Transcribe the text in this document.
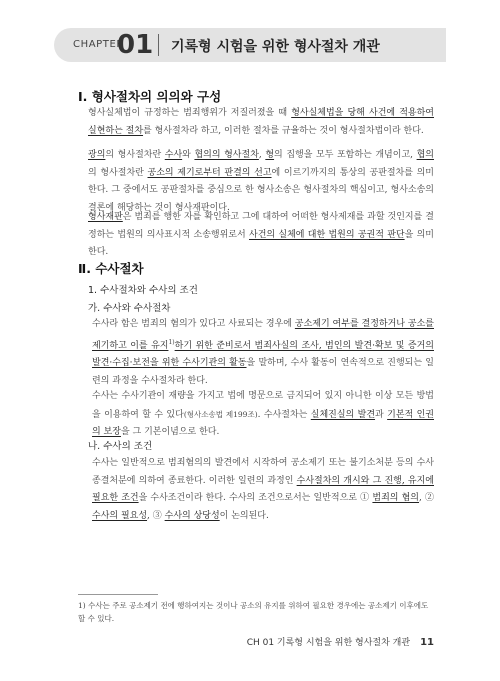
CHAPTER
01 기록형 시험을 위한 형사절차 개관
Ⅰ. 형사절차의 의의와 구성
형사실체법이 규정하는 범죄행위가 저질러졌을 때 형사실체법을 당해 사건에 적용하여 실현하는 절차를 형사절차라 하고, 이러한 절차를 규율하는 것이 형사절차법이라 한다.
광의의 형사절차란 수사와 협의의 형사절차, 형의 집행을 모두 포함하는 개념이고, 협의의 형사절차란 공소의 제기로부터 판결의 선고에 이르기까지의 통상의 공판절차를 의미한다. 그 중에서도 공판절차를 중심으로 한 형사소송은 형사절차의 핵심이고, 형사소송의 결론에 해당하는 것이 형사재판이다.
형사재판은 범죄를 행한 자를 확인하고 그에 대하여 어떠한 형사제재를 과할 것인지를 결정하는 법원의 의사표시적 소송행위로서 사건의 실체에 대한 법원의 공권적 판단을 의미한다.
Ⅱ. 수사절차
1. 수사절차와 수사의 조건
가. 수사와 수사절차
수사라 함은 범죄의 혐의가 있다고 사료되는 경우에 공소제기 여부를 결정하거나 공소를 제기하고 이를 유지$^{1)}$하기 위한 준비로서 범죄사실의 조사, 범인의 발견·확보 및 증거의 발견·수집·보전을 위한 수사기관의 활동을 말하며, 수사 활동이 연속적으로 진행되는 일련의 과정을 수사절차라 한다.
수사는 수사기관이 재량을 가지고 법에 명문으로 금지되어 있지 아니한 이상 모든 방법을 이용하여 할 수 있다(형사소송법 제199조). 수사절차는 실체진실의 발견과 기본적 인권의 보장을 그 기본이념으로 한다.
나. 수사의 조건
수사는 일반적으로 범죄혐의의 발견에서 시작하여 공소제기 또는 불기소처분 등의 수사종결처분에 의하여 종료한다. 이러한 일련의 과정인 수사절차의 개시와 그 진행, 유지에 필요한 조건을 수사조건이라 한다. 수사의 조건으로서는 일반적으로 ① 범죄의 혐의, ② 수사의 필요성, ③ 수사의 상당성이 논의된다.
1) 수사는 주로 공소제기 전에 행하여지는 것이나 공소의 유지를 위하여 필요한 경우에는 공소제기 이후에도 할 수 있다.
CH 01 기록형 시험을 위한 형사절차 개관 11
